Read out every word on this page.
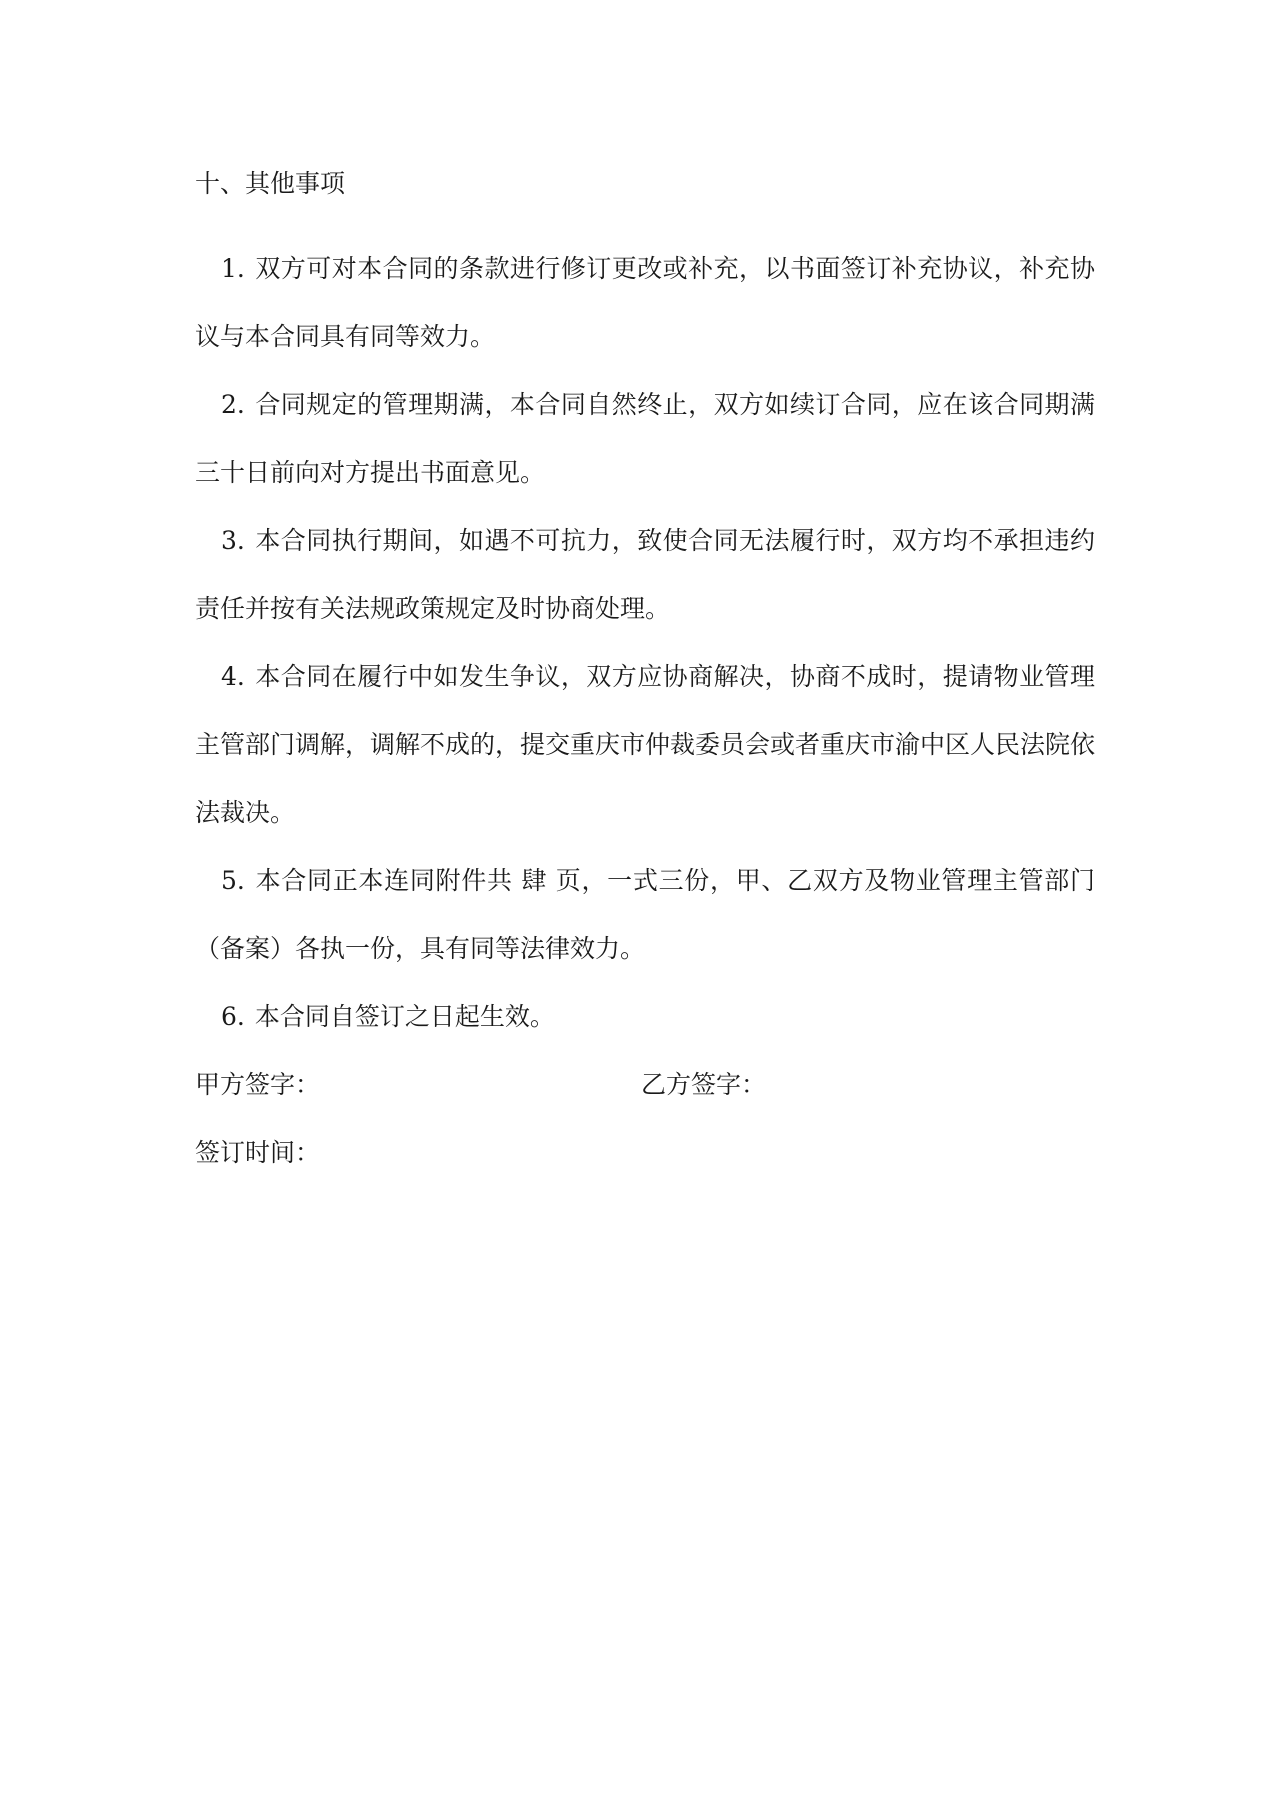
十、其他事项

1. 双方可对本合同的条款进行修订更改或补充，以书面签订补充协议，补充协议与本合同具有同等效力。

2. 合同规定的管理期满，本合同自然终止，双方如续订合同，应在该合同期满三十日前向对方提出书面意见。

3. 本合同执行期间，如遇不可抗力，致使合同无法履行时，双方均不承担违约责任并按有关法规政策规定及时协商处理。

4. 本合同在履行中如发生争议，双方应协商解决，协商不成时，提请物业管理主管部门调解，调解不成的，提交重庆市仲裁委员会或者重庆市渝中区人民法院依法裁决。

5. 本合同正本连同附件共 肆 页，一式三份，甲、乙双方及物业管理主管部门（备案）各执一份，具有同等法律效力。

6. 本合同自签订之日起生效。

甲方签字：	乙方签字：
签订时间：
